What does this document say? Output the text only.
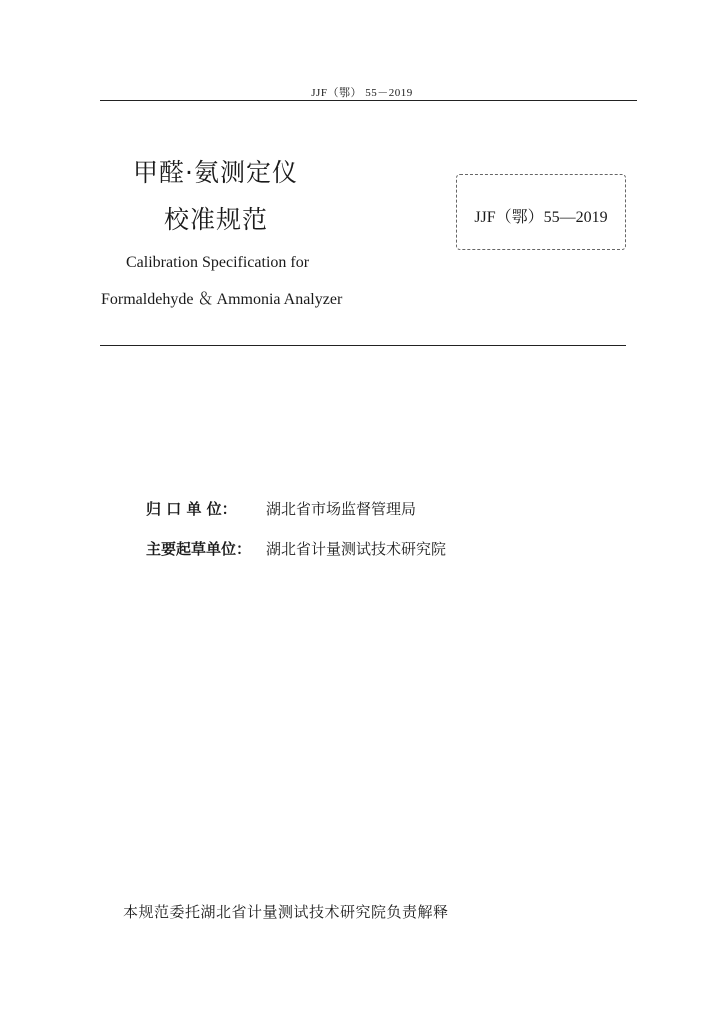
JJF（鄂） 55－2019
甲醛·氨测定仪
校准规范	JJF（鄂）55—2019
Calibration Specification for
Formaldehyde ＆ Ammonia Analyzer
归 口 单 位： 湖北省市场监督管理局
主要起草单位： 湖北省计量测试技术研究院
本规范委托湖北省计量测试技术研究院负责解释
